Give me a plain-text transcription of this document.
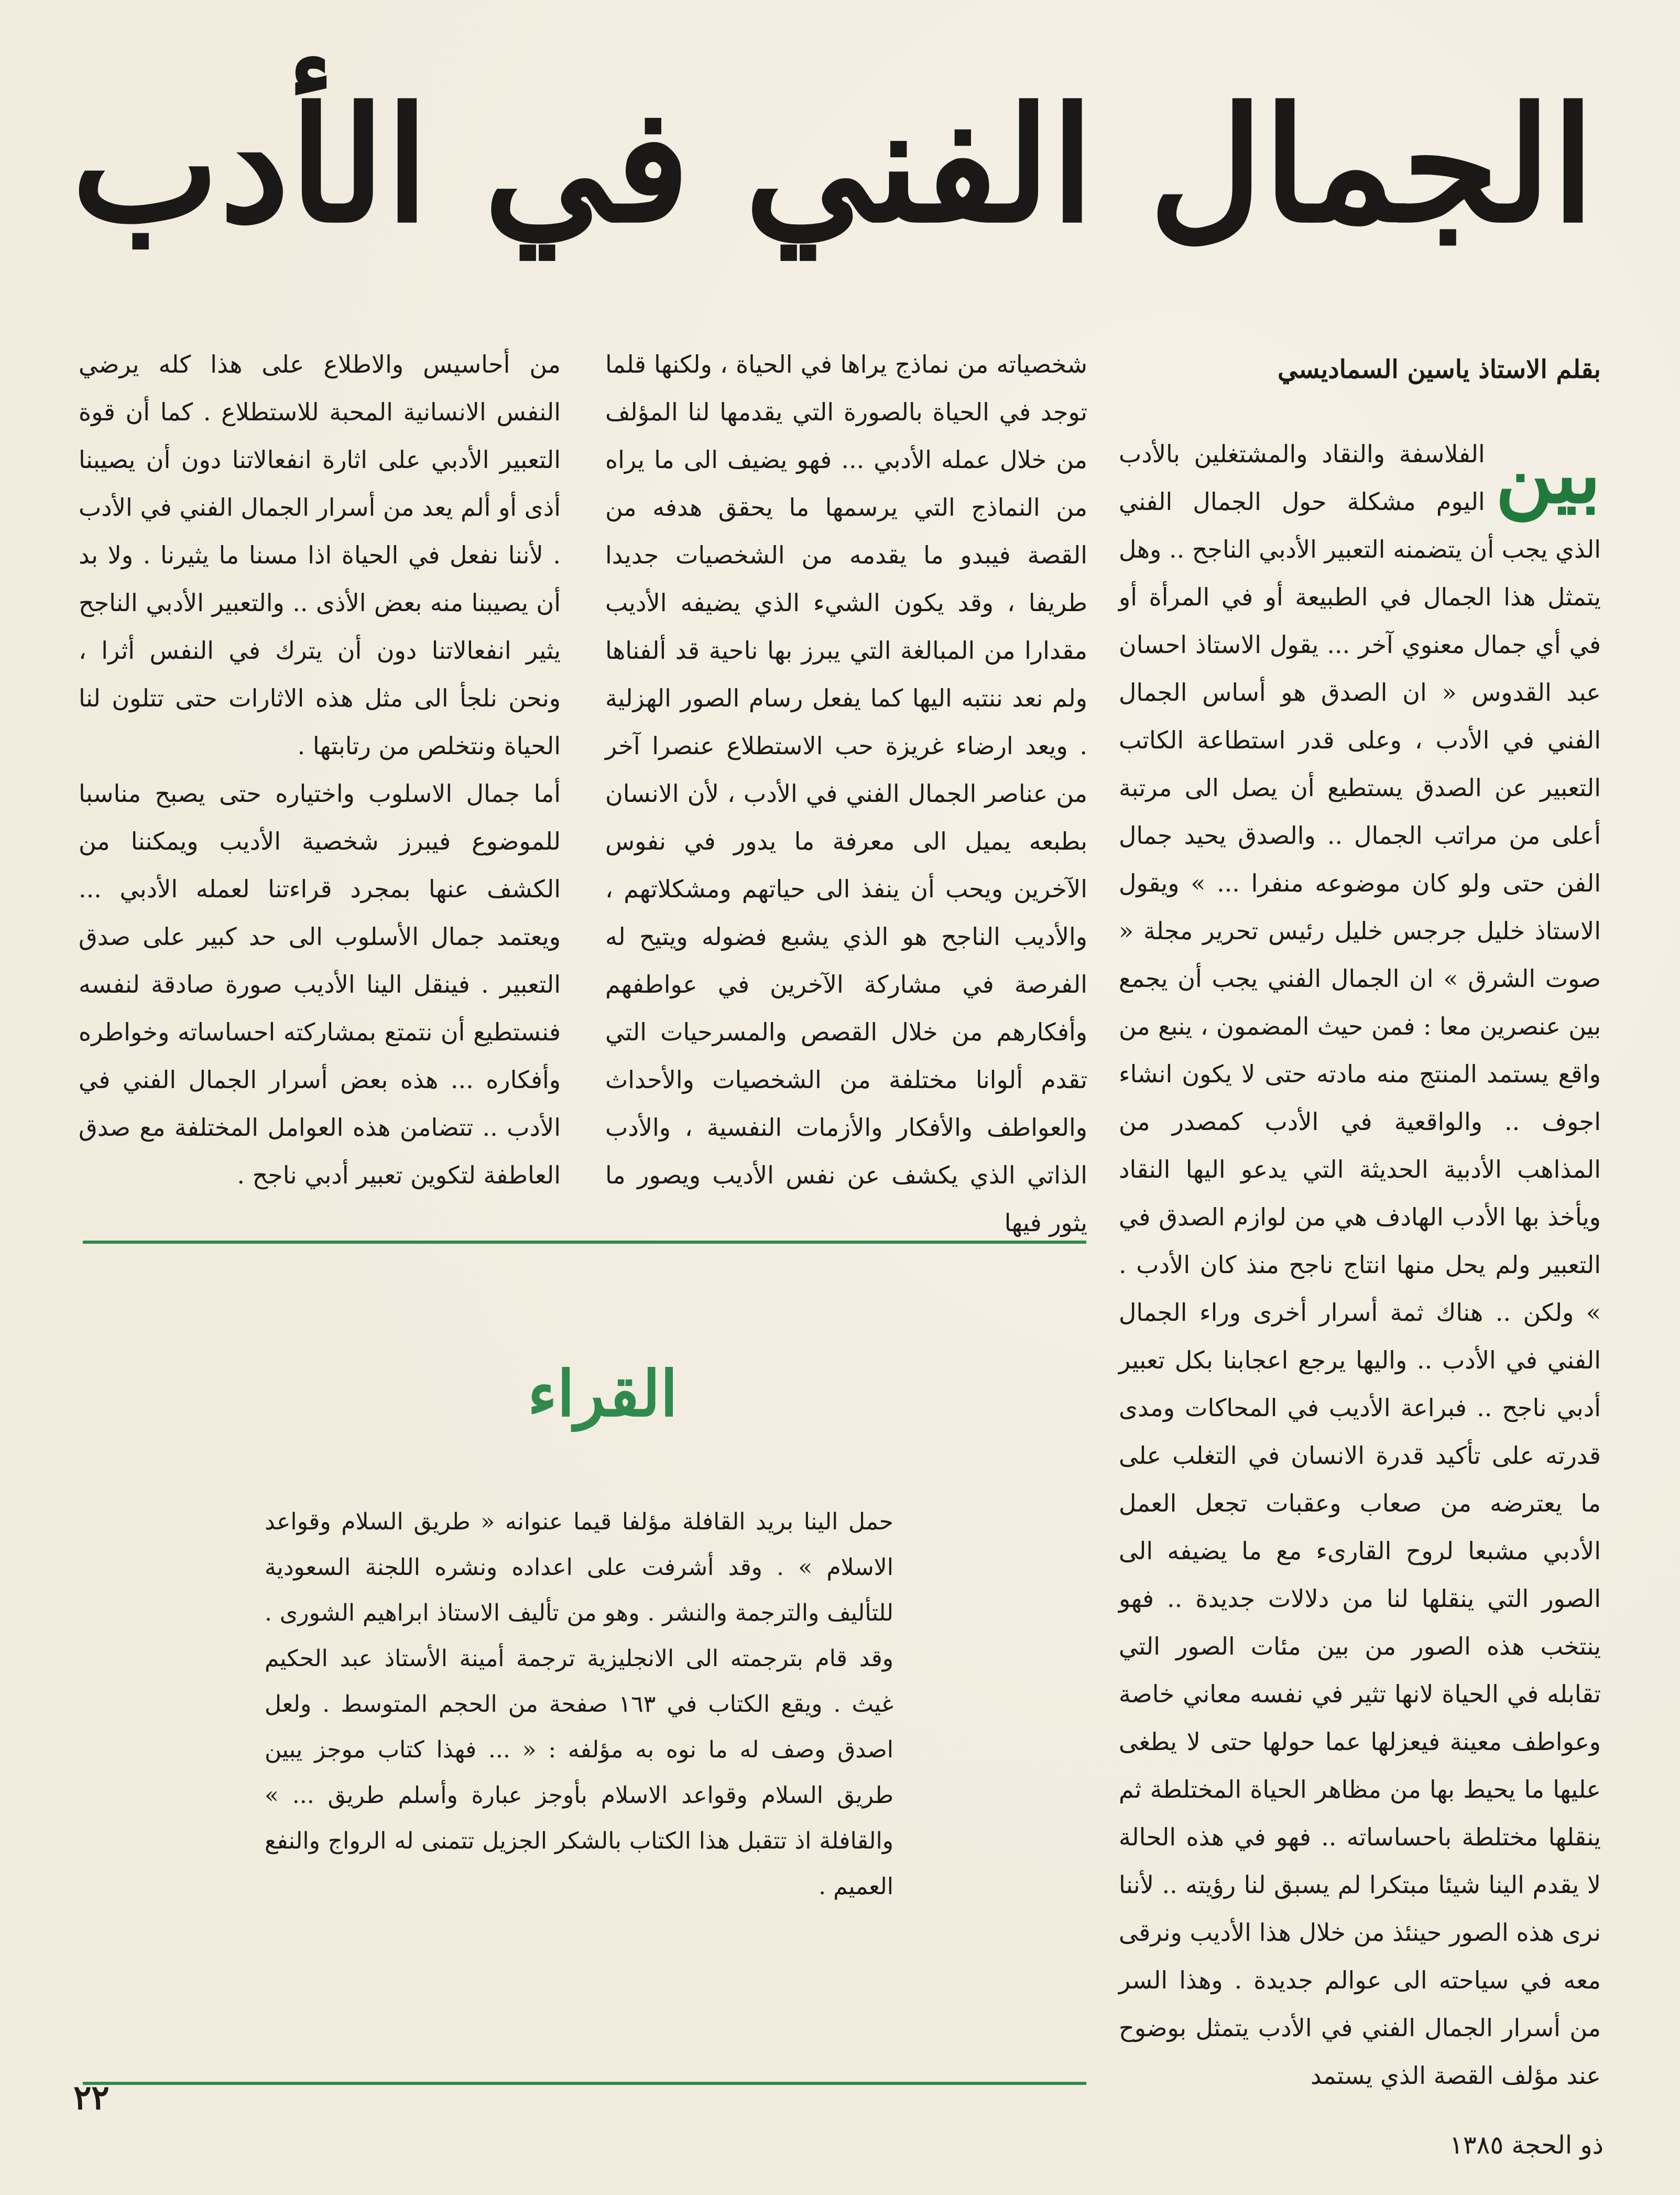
الجمال الفني في الأدب

بقلم الاستاذ ياسين السماديسي

بين
الفلاسفة والنقاد والمشتغلين بالأدب اليوم مشكلة حول الجمال الفني الذي يجب أن يتضمنه التعبير الأدبي الناجح .. وهل يتمثل هذا الجمال في الطبيعة أو في المرأة أو في أي جمال معنوي آخر ... يقول الاستاذ احسان عبد القدوس « ان الصدق هو أساس الجمال الفني في الأدب ، وعلى قدر استطاعة الكاتب التعبير عن الصدق يستطيع أن يصل الى مرتبة أعلى من مراتب الجمال .. والصدق يحيد جمال الفن حتى ولو كان موضوعه منفرا ... » ويقول الاستاذ خليل جرجس خليل رئيس تحرير مجلة « صوت الشرق » ان الجمال الفني يجب أن يجمع بين عنصرين معا : فمن حيث المضمون ، ينبع من واقع يستمد المنتج منه مادته حتى لا يكون انشاء اجوف .. والواقعية في الأدب كمصدر من المذاهب الأدبية الحديثة التي يدعو اليها النقاد ويأخذ بها الأدب الهادف هي من لوازم الصدق في التعبير ولم يحل منها انتاج ناجح منذ كان الأدب . » ولكن .. هناك ثمة أسرار أخرى وراء الجمال الفني في الأدب .. واليها يرجع اعجابنا بكل تعبير أدبي ناجح .. فبراعة الأديب في المحاكات ومدى قدرته على تأكيد قدرة الانسان في التغلب على ما يعترضه من صعاب وعقبات تجعل العمل الأدبي مشبعا لروح القارىء مع ما يضيفه الى الصور التي ينقلها لنا من دلالات جديدة .. فهو ينتخب هذه الصور من بين مئات الصور التي تقابله في الحياة لانها تثير في نفسه معاني خاصة وعواطف معينة فيعزلها عما حولها حتى لا يطغى عليها ما يحيط بها من مظاهر الحياة المختلطة ثم ينقلها مختلطة باحساساته .. فهو في هذه الحالة لا يقدم الينا شيئا مبتكرا لم يسبق لنا رؤيته .. لأننا نرى هذه الصور حينئذ من خلال هذا الأديب ونرقى معه في سياحته الى عوالم جديدة . وهذا السر من أسرار الجمال الفني في الأدب يتمثل بوضوح عند مؤلف القصة الذي يستمد

شخصياته من نماذج يراها في الحياة ، ولكنها قلما توجد في الحياة بالصورة التي يقدمها لنا المؤلف من خلال عمله الأدبي ... فهو يضيف الى ما يراه من النماذج التي يرسمها ما يحقق هدفه من القصة فيبدو ما يقدمه من الشخصيات جديدا طريفا ، وقد يكون الشيء الذي يضيفه الأديب مقدارا من المبالغة التي يبرز بها ناحية قد ألفناها ولم نعد ننتبه اليها كما يفعل رسام الصور الهزلية . ويعد ارضاء غريزة حب الاستطلاع عنصرا آخر من عناصر الجمال الفني في الأدب ، لأن الانسان بطبعه يميل الى معرفة ما يدور في نفوس الآخرين ويحب أن ينفذ الى حياتهم ومشكلاتهم ، والأديب الناجح هو الذي يشبع فضوله ويتيح له الفرصة في مشاركة الآخرين في عواطفهم وأفكارهم من خلال القصص والمسرحيات التي تقدم ألوانا مختلفة من الشخصيات والأحداث والعواطف والأفكار والأزمات النفسية ، والأدب الذاتي الذي يكشف عن نفس الأديب ويصور ما يثور فيها

من أحاسيس والاطلاع على هذا كله يرضي النفس الانسانية المحبة للاستطلاع . كما أن قوة التعبير الأدبي على اثارة انفعالاتنا دون أن يصيبنا أذى أو ألم يعد من أسرار الجمال الفني في الأدب . لأننا نفعل في الحياة اذا مسنا ما يثيرنا . ولا بد أن يصيبنا منه بعض الأذى .. والتعبير الأدبي الناجح يثير انفعالاتنا دون أن يترك في النفس أثرا ، ونحن نلجأ الى مثل هذه الاثارات حتى تتلون لنا الحياة ونتخلص من رتابتها .

أما جمال الاسلوب واختياره حتى يصبح مناسبا للموضوع فيبرز شخصية الأديب ويمكننا من الكشف عنها بمجرد قراءتنا لعمله الأدبي ... ويعتمد جمال الأسلوب الى حد كبير على صدق التعبير . فينقل الينا الأديب صورة صادقة لنفسه فنستطيع أن نتمتع بمشاركته احساساته وخواطره وأفكاره ... هذه بعض أسرار الجمال الفني في الأدب .. تتضامن هذه العوامل المختلفة مع صدق العاطفة لتكوين تعبير أدبي ناجح .

القراء

حمل الينا بريد القافلة مؤلفا قيما عنوانه « طريق السلام وقواعد الاسلام » . وقد أشرفت على اعداده ونشره اللجنة السعودية للتأليف والترجمة والنشر . وهو من تأليف الاستاذ ابراهيم الشورى . وقد قام بترجمته الى الانجليزية ترجمة أمينة الأستاذ عبد الحكيم غيث . ويقع الكتاب في ١٦٣ صفحة من الحجم المتوسط . ولعل اصدق وصف له ما نوه به مؤلفه : « ... فهذا كتاب موجز يبين طريق السلام وقواعد الاسلام بأوجز عبارة وأسلم طريق ... » والقافلة اذ تتقبل هذا الكتاب بالشكر الجزيل تتمنى له الرواج والنفع العميم .

٢٢
ذو الحجة ١٣٨٥
